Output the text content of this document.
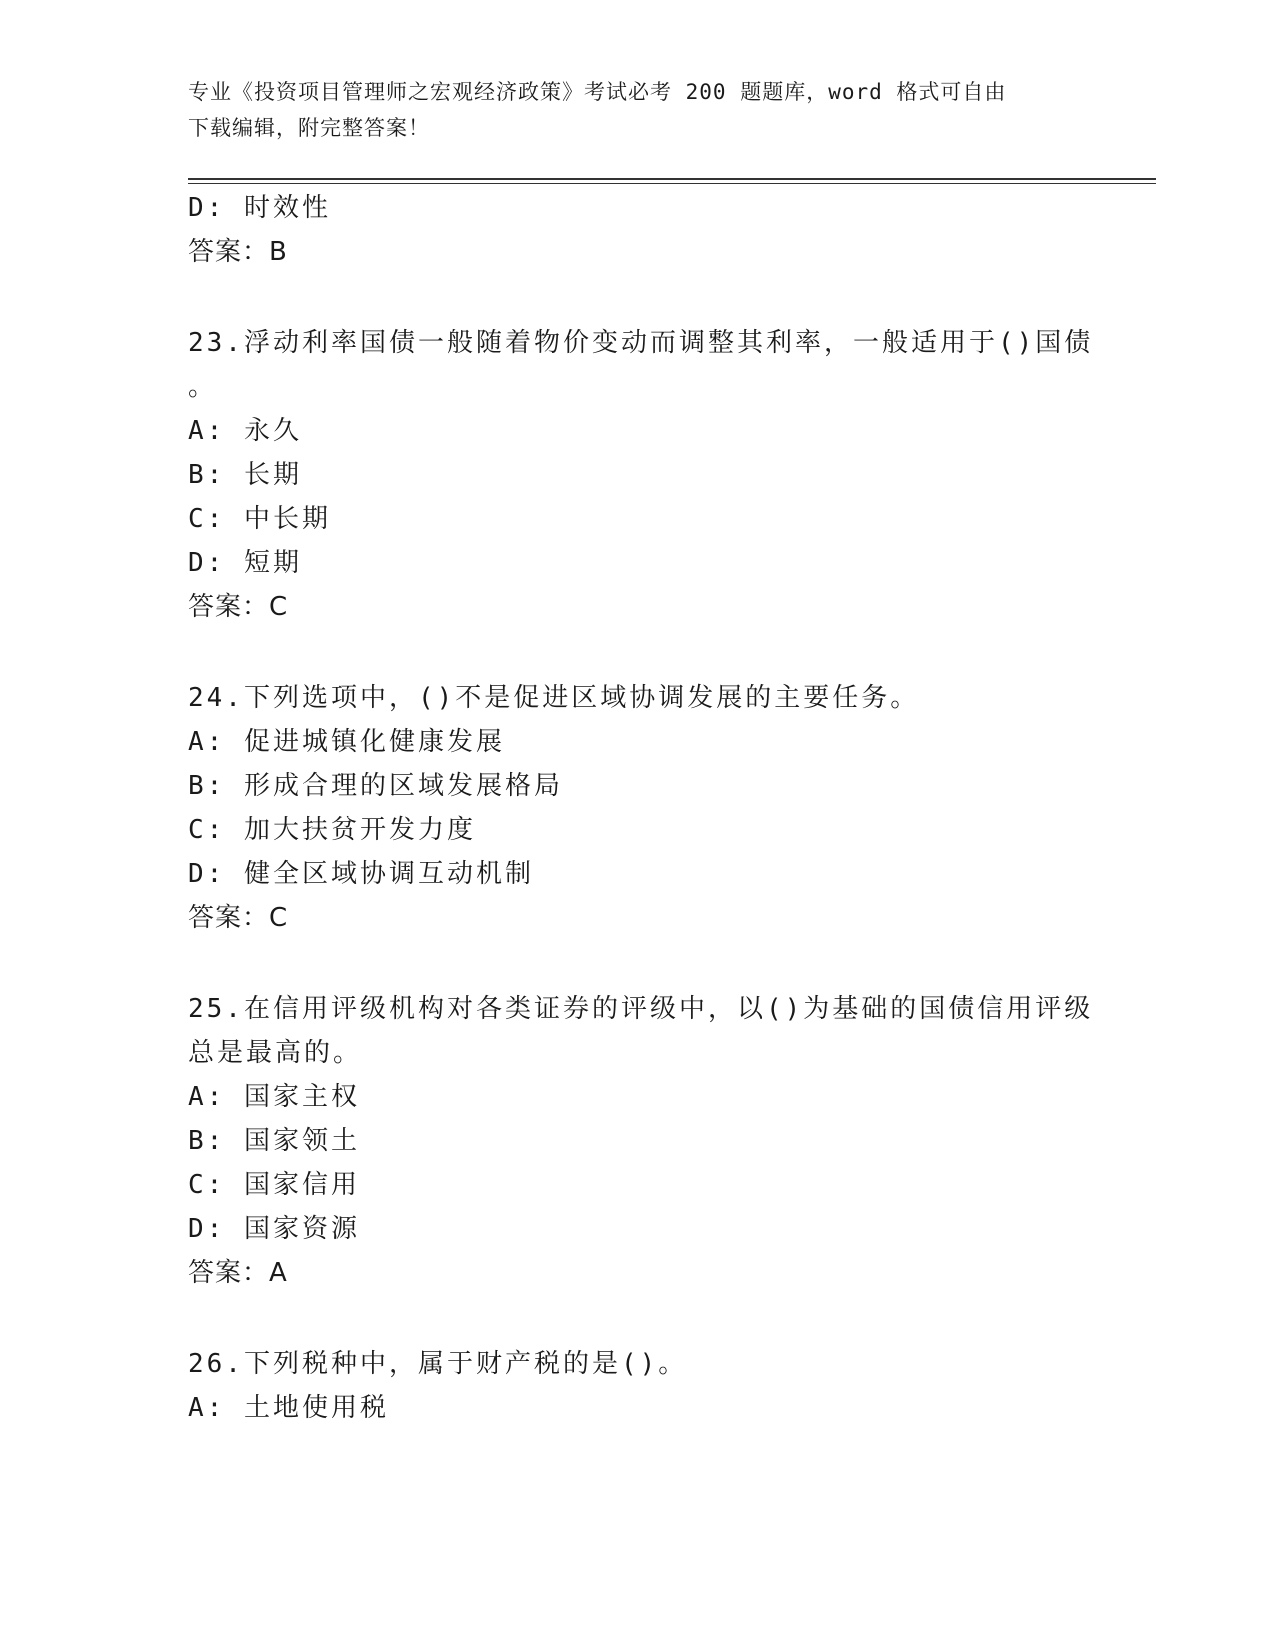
专业《投资项目管理师之宏观经济政策》考试必考 200 题题库，word 格式可自由
下载编辑，附完整答案！
D: 时效性
答案：B
23.浮动利率国债一般随着物价变动而调整其利率，一般适用于()国债
。
A: 永久
B: 长期
C: 中长期
D: 短期
答案：C
24.下列选项中，()不是促进区域协调发展的主要任务。
A: 促进城镇化健康发展
B: 形成合理的区域发展格局
C: 加大扶贫开发力度
D: 健全区域协调互动机制
答案：C
25.在信用评级机构对各类证券的评级中，以()为基础的国债信用评级
总是最高的。
A: 国家主权
B: 国家领土
C: 国家信用
D: 国家资源
答案：A
26.下列税种中，属于财产税的是()。
A: 土地使用税
